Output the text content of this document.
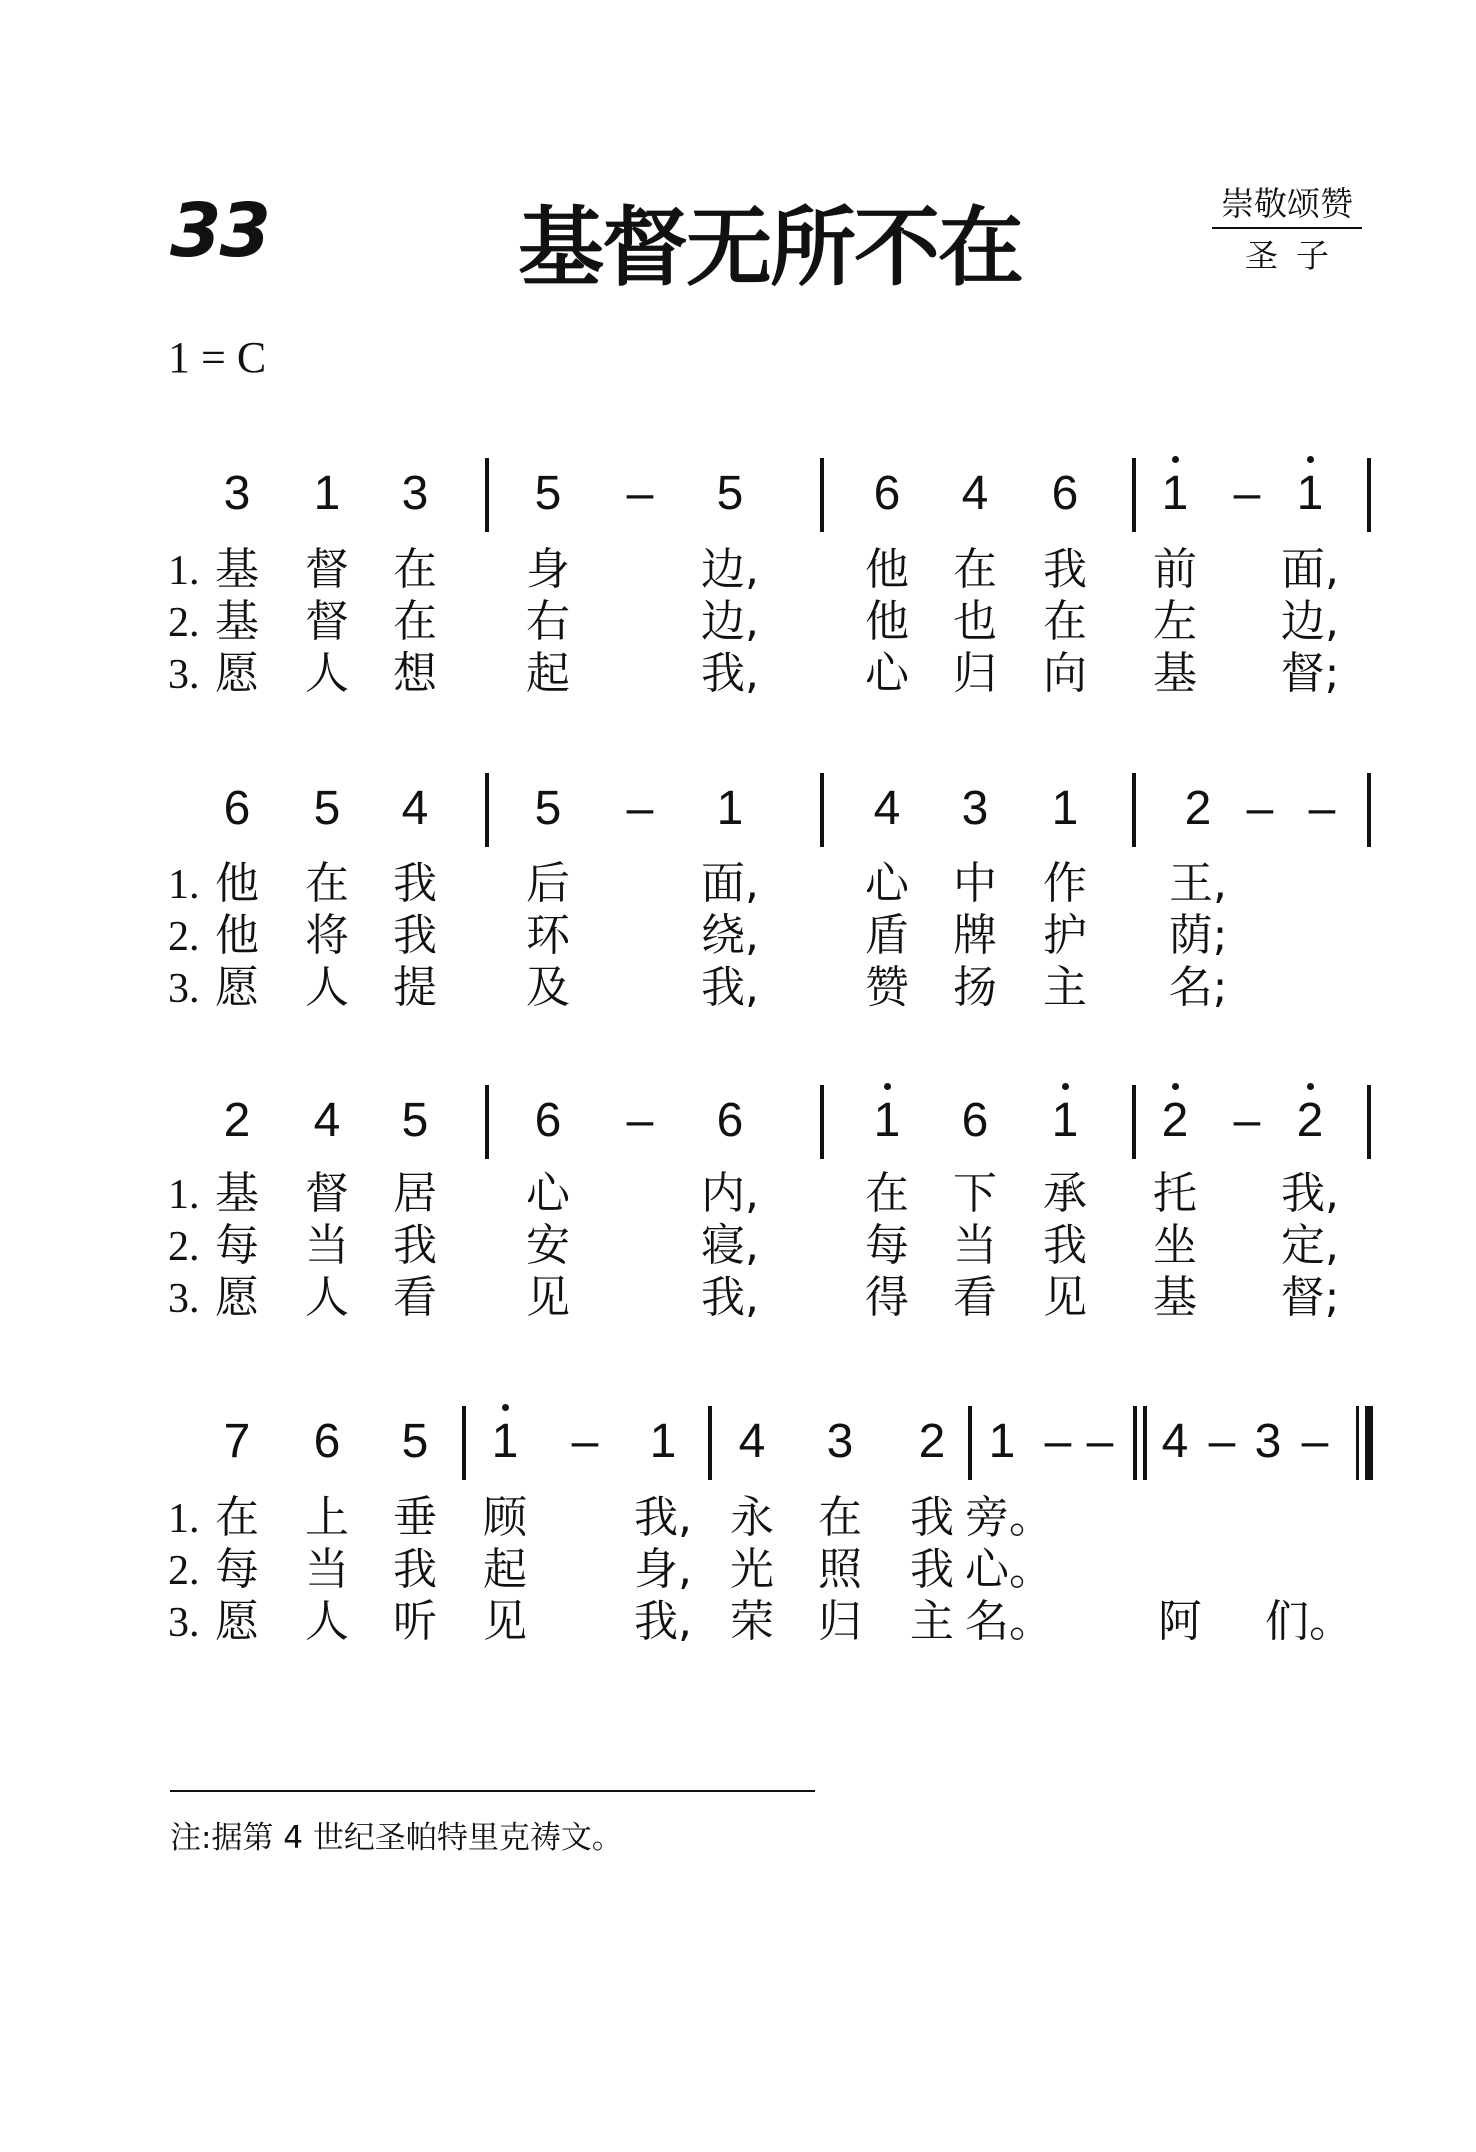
33	基督无所不在	崇敬颂赞
圣子
1 = C
3	1	3	5	–	5	6	4	6	1 – 1
1. 基 督 在 身	边, 他 在 我 前 面,
2. 基 督 在 右	边, 他 也 在 左 边,
3. 愿 人 想 起	我, 心 归 向 基 督;
6	5	4	5	–	1	4	3	1	2 – –
1. 他 在 我 后	面, 心 中 作 王,
2. 他 将 我 环	绕, 盾 牌 护 荫;
3. 愿 人 提 及	我, 赞 扬 主 名;
2	4	5	6	–	6	1	6	1	2 – 2
1. 基 督 居 心	内, 在 下 承 托 我,
2. 每 当 我 安	寝, 每 当 我 坐 定,
3. 愿 人 看 见	我, 得 看 见 基 督;
7	6	5	1	–	1	4	3	2 1 – –	4 – 3 –
1. 在 上 垂 顾 我, 永 在 我 旁。
2. 每 当 我 起 身, 光 照 我 心。
3. 愿 人 听 见 我, 荣 归 主 名。 阿 们。
注:据第 4 世纪圣帕特里克祷文。
